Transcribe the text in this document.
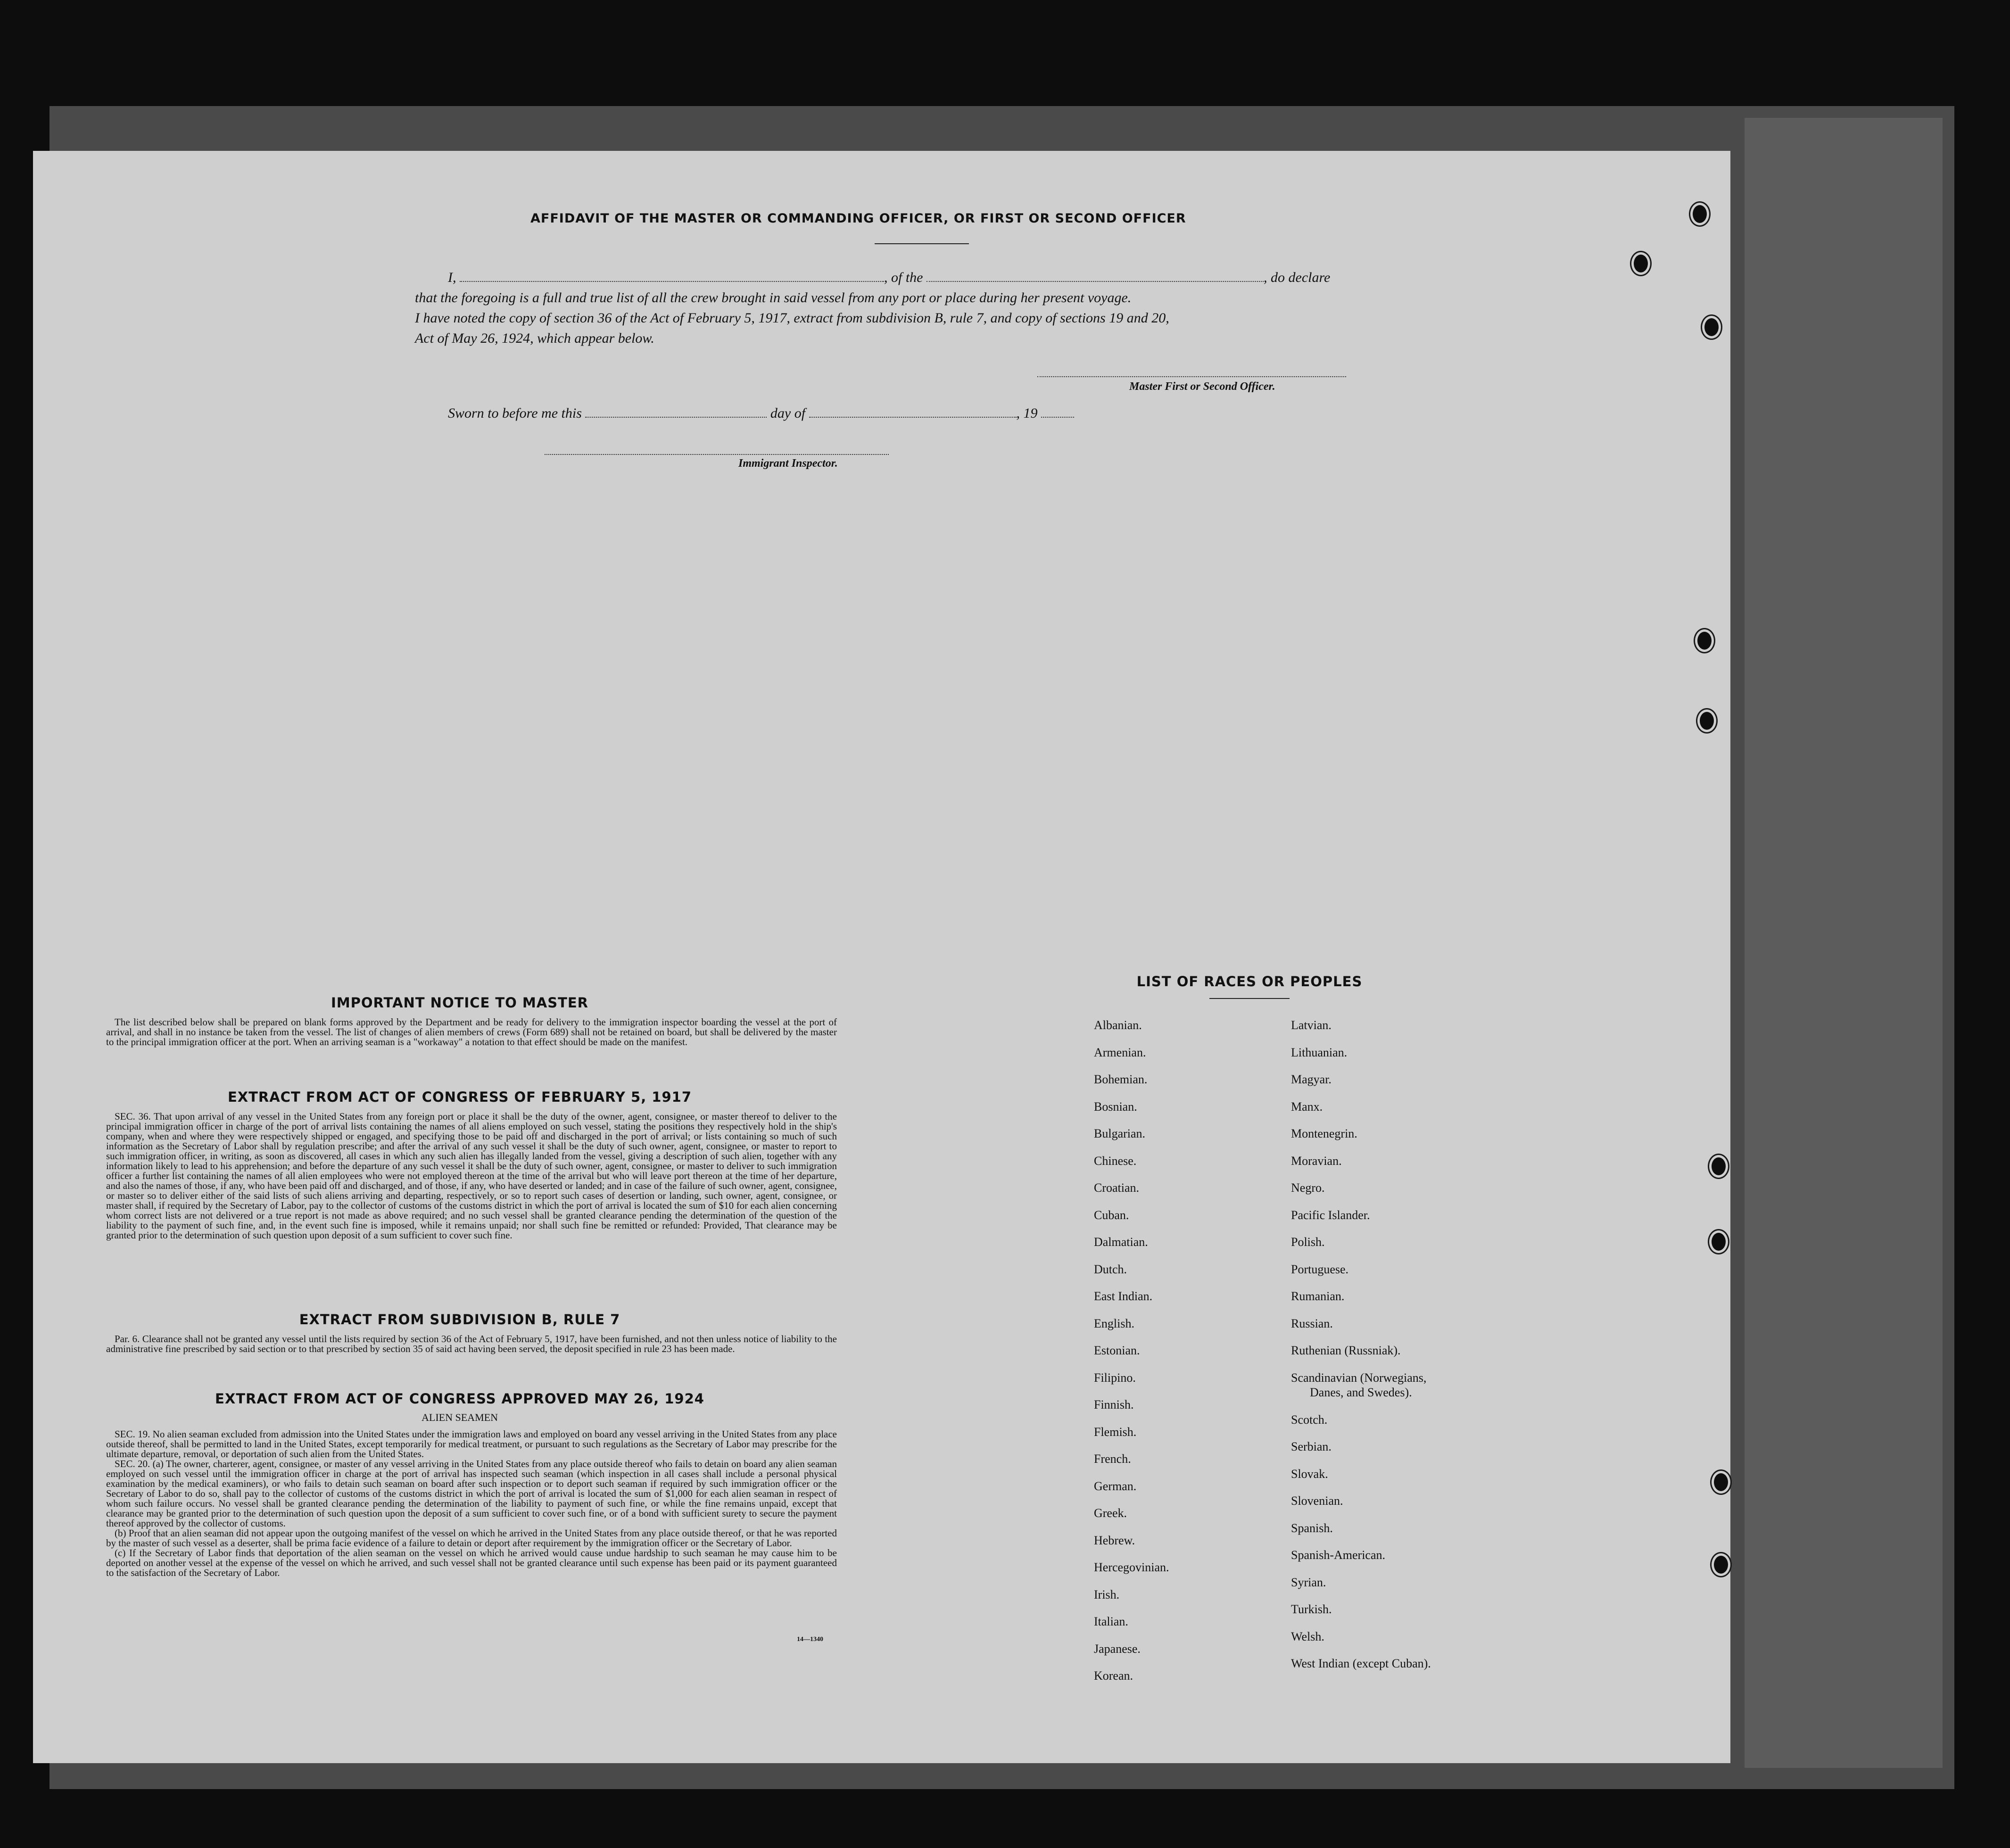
AFFIDAVIT OF THE MASTER OR COMMANDING OFFICER, OR FIRST OR SECOND OFFICER
I,	, of the	, do declare
that the foregoing is a full and true list of all the crew brought in said vessel from any port or place during her present voyage.
I have noted the copy of section 36 of the Act of February 5, 1917, extract from subdivision B, rule 7, and copy of sections 19 and 20,
Act of May 26, 1924, which appear below.
Master First or Second Officer.
Sworn to before me this	day of	, 19
Immigrant Inspector.
IMPORTANT NOTICE TO MASTER

The list described below shall be prepared on blank forms approved by the Department and be ready for delivery to the immigration inspector boarding the vessel at the port of arrival, and shall in no instance be taken from the vessel. The list of changes of alien members of crews (Form 689) shall not be retained on board, but shall be delivered by the master to the principal immigration officer at the port. When an arriving seaman is a "workaway" a notation to that effect should be made on the manifest.

EXTRACT FROM ACT OF CONGRESS OF FEBRUARY 5, 1917

SEC. 36. That upon arrival of any vessel in the United States from any foreign port or place it shall be the duty of the owner, agent, consignee, or master thereof to deliver to the principal immigration officer in charge of the port of arrival lists containing the names of all aliens employed on such vessel, stating the positions they respectively hold in the ship's company, when and where they were respectively shipped or engaged, and specifying those to be paid off and discharged in the port of arrival; or lists containing so much of such information as the Secretary of Labor shall by regulation prescribe; and after the arrival of any such vessel it shall be the duty of such owner, agent, consignee, or master to report to such immigration officer, in writing, as soon as discovered, all cases in which any such alien has illegally landed from the vessel, giving a description of such alien, together with any information likely to lead to his apprehension; and before the departure of any such vessel it shall be the duty of such owner, agent, consignee, or master to deliver to such immigration officer a further list containing the names of all alien employees who were not employed thereon at the time of the arrival but who will leave port thereon at the time of her departure, and also the names of those, if any, who have been paid off and discharged, and of those, if any, who have deserted or landed; and in case of the failure of such owner, agent, consignee, or master so to deliver either of the said lists of such aliens arriving and departing, respectively, or so to report such cases of desertion or landing, such owner, agent, consignee, or master shall, if required by the Secretary of Labor, pay to the collector of customs of the customs district in which the port of arrival is located the sum of $10 for each alien concerning whom correct lists are not delivered or a true report is not made as above required; and no such vessel shall be granted clearance pending the determination of the question of the liability to the payment of such fine, and, in the event such fine is imposed, while it remains unpaid; nor shall such fine be remitted or refunded: Provided, That clearance may be granted prior to the determination of such question upon deposit of a sum sufficient to cover such fine.

EXTRACT FROM SUBDIVISION B, RULE 7

Par. 6. Clearance shall not be granted any vessel until the lists required by section 36 of the Act of February 5, 1917, have been furnished, and not then unless notice of liability to the administrative fine prescribed by said section or to that prescribed by section 35 of said act having been served, the deposit specified in rule 23 has been made.

EXTRACT FROM ACT OF CONGRESS APPROVED MAY 26, 1924
ALIEN SEAMEN

SEC. 19. No alien seaman excluded from admission into the United States under the immigration laws and employed on board any vessel arriving in the United States from any place outside thereof, shall be permitted to land in the United States, except temporarily for medical treatment, or pursuant to such regulations as the Secretary of Labor may prescribe for the ultimate departure, removal, or deportation of such alien from the United States.

SEC. 20. (a) The owner, charterer, agent, consignee, or master of any vessel arriving in the United States from any place outside thereof who fails to detain on board any alien seaman employed on such vessel until the immigration officer in charge at the port of arrival has inspected such seaman (which inspection in all cases shall include a personal physical examination by the medical examiners), or who fails to detain such seaman on board after such inspection or to deport such seaman if required by such immigration officer or the Secretary of Labor to do so, shall pay to the collector of customs of the customs district in which the port of arrival is located the sum of $1,000 for each alien seaman in respect of whom such failure occurs. No vessel shall be granted clearance pending the determination of the liability to payment of such fine, or while the fine remains unpaid, except that clearance may be granted prior to the determination of such question upon the deposit of a sum sufficient to cover such fine, or of a bond with sufficient surety to secure the payment thereof approved by the collector of customs.

(b) Proof that an alien seaman did not appear upon the outgoing manifest of the vessel on which he arrived in the United States from any place outside thereof, or that he was reported by the master of such vessel as a deserter, shall be prima facie evidence of a failure to detain or deport after requirement by the immigration officer or the Secretary of Labor.

(c) If the Secretary of Labor finds that deportation of the alien seaman on the vessel on which he arrived would cause undue hardship to such seaman he may cause him to be deported on another vessel at the expense of the vessel on which he arrived, and such vessel shall not be granted clearance until such expense has been paid or its payment guaranteed to the satisfaction of the Secretary of Labor.

14—1340
LIST OF RACES OR PEOPLES
Albanian.
Armenian.
Bohemian.
Bosnian.
Bulgarian.
Chinese.
Croatian.
Cuban.
Dalmatian.
Dutch.
East Indian.
English.
Estonian.
Filipino.
Finnish.
Flemish.
French.
German.
Greek.
Hebrew.
Hercegovinian.
Irish.
Italian.
Japanese.
Korean.
Latvian.
Lithuanian.
Magyar.
Manx.
Montenegrin.
Moravian.
Negro.
Pacific Islander.
Polish.
Portuguese.
Rumanian.
Russian.
Ruthenian (Russniak).
Scandinavian (Norwegians,
Danes, and Swedes).
Scotch.
Serbian.
Slovak.
Slovenian.
Spanish.
Spanish-American.
Syrian.
Turkish.
Welsh.
West Indian (except Cuban).
